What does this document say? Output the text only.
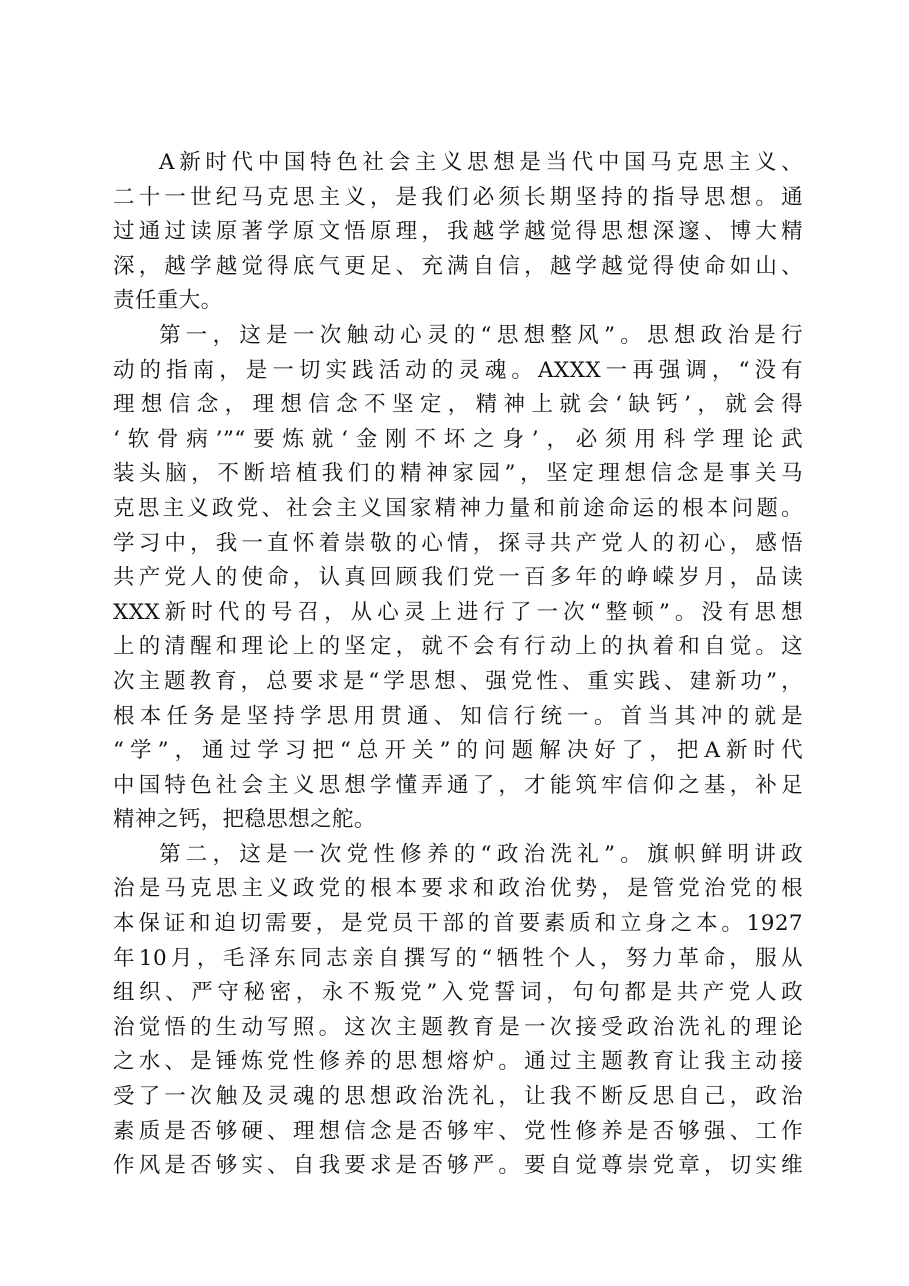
A新时代中国特色社会主义思想是当代中国马克思主义、
二十一世纪马克思主义，是我们必须长期坚持的指导思想。通
过通过读原著学原文悟原理，我越学越觉得思想深邃、博大精
深，越学越觉得底气更足、充满自信，越学越觉得使命如山、
责任重大。
第一，这是一次触动心灵的“思想整风”。思想政治是行
动的指南，是一切实践活动的灵魂。AXXX一再强调，“没有
理想信念，理想信念不坚定，精神上就会‘缺钙’，就会得
‘软骨病’”“要炼就‘金刚不坏之身’，必须用科学理论武
装头脑，不断培植我们的精神家园”，坚定理想信念是事关马
克思主义政党、社会主义国家精神力量和前途命运的根本问题。
学习中，我一直怀着崇敬的心情，探寻共产党人的初心，感悟
共产党人的使命，认真回顾我们党一百多年的峥嵘岁月，品读
XXX新时代的号召，从心灵上进行了一次“整顿”。没有思想
上的清醒和理论上的坚定，就不会有行动上的执着和自觉。这
次主题教育，总要求是“学思想、强党性、重实践、建新功”，
根本任务是坚持学思用贯通、知信行统一。首当其冲的就是
“学”，通过学习把“总开关”的问题解决好了，把A新时代
中国特色社会主义思想学懂弄通了，才能筑牢信仰之基，补足
精神之钙，把稳思想之舵。
第二，这是一次党性修养的“政治洗礼”。旗帜鲜明讲政
治是马克思主义政党的根本要求和政治优势，是管党治党的根
本保证和迫切需要，是党员干部的首要素质和立身之本。1927
年10月，毛泽东同志亲自撰写的“牺牲个人，努力革命，服从
组织、严守秘密，永不叛党”入党誓词，句句都是共产党人政
治觉悟的生动写照。这次主题教育是一次接受政治洗礼的理论
之水、是锤炼党性修养的思想熔炉。通过主题教育让我主动接
受了一次触及灵魂的思想政治洗礼，让我不断反思自己，政治
素质是否够硬、理想信念是否够牢、党性修养是否够强、工作
作风是否够实、自我要求是否够严。要自觉尊崇党章，切实维
